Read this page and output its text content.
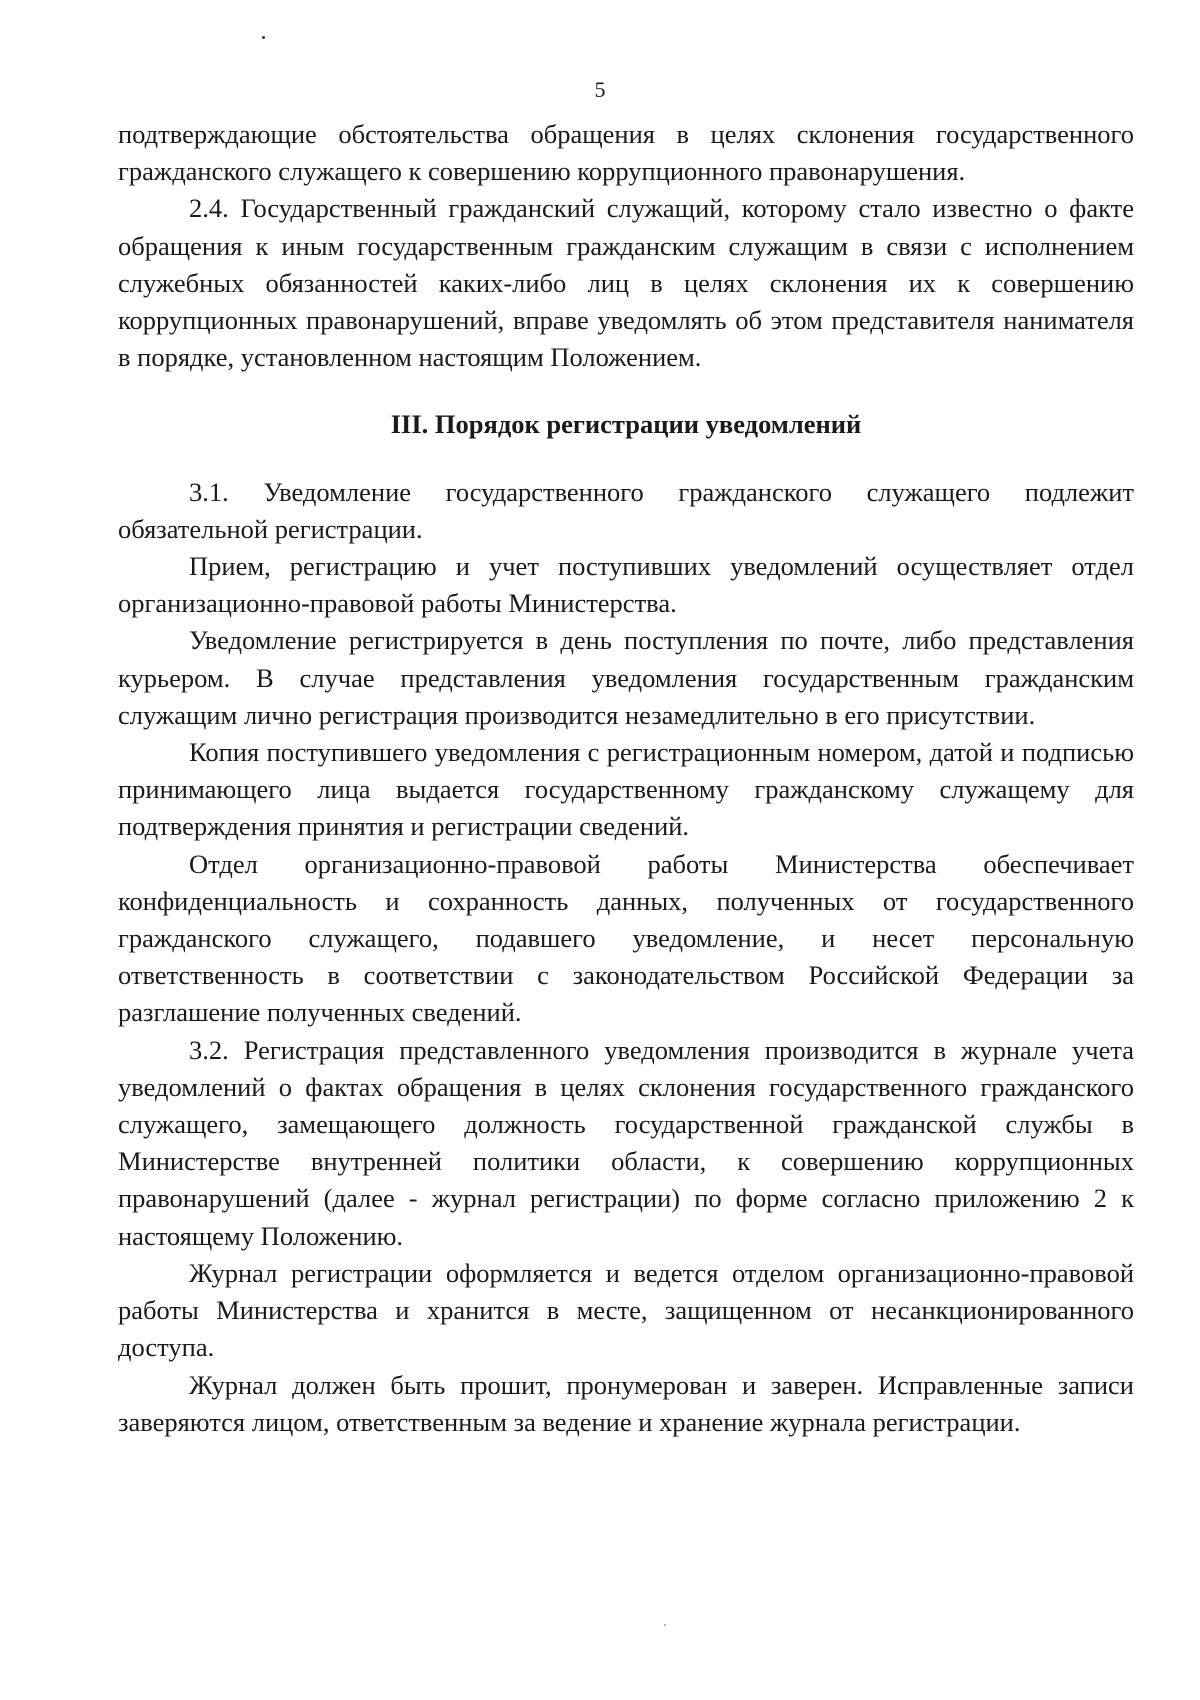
5

подтверждающие обстоятельства обращения в целях склонения государственного гражданского служащего к совершению коррупционного правонарушения.

2.4. Государственный гражданский служащий, которому стало известно о факте обращения к иным государственным гражданским служащим в связи с исполнением служебных обязанностей каких-либо лиц в целях склонения их к совершению коррупционных правонарушений, вправе уведомлять об этом представителя нанимателя в порядке, установленном настоящим Положением.

III. Порядок регистрации уведомлений

3.1. Уведомление государственного гражданского служащего подлежит обязательной регистрации.

Прием, регистрацию и учет поступивших уведомлений осуществляет отдел организационно-правовой работы Министерства.

Уведомление регистрируется в день поступления по почте, либо представления курьером. В случае представления уведомления государственным гражданским служащим лично регистрация производится незамедлительно в его присутствии.

Копия поступившего уведомления с регистрационным номером, датой и подписью принимающего лица выдается государственному гражданскому служащему для подтверждения принятия и регистрации сведений.

Отдел организационно-правовой работы Министерства обеспечивает конфиденциальность и сохранность данных, полученных от государственного гражданского служащего, подавшего уведомление, и несет персональную ответственность в соответствии с законодательством Российской Федерации за разглашение полученных сведений.

3.2. Регистрация представленного уведомления производится в журнале учета уведомлений о фактах обращения в целях склонения государственного гражданского служащего, замещающего должность государственной гражданской службы в Министерстве внутренней политики области, к совершению коррупционных правонарушений (далее - журнал регистрации) по форме согласно приложению 2 к настоящему Положению.

Журнал регистрации оформляется и ведется отделом организационно-правовой работы Министерства и хранится в месте, защищенном от несанкционированного доступа.

Журнал должен быть прошит, пронумерован и заверен. Исправленные записи заверяются лицом, ответственным за ведение и хранение журнала регистрации.
